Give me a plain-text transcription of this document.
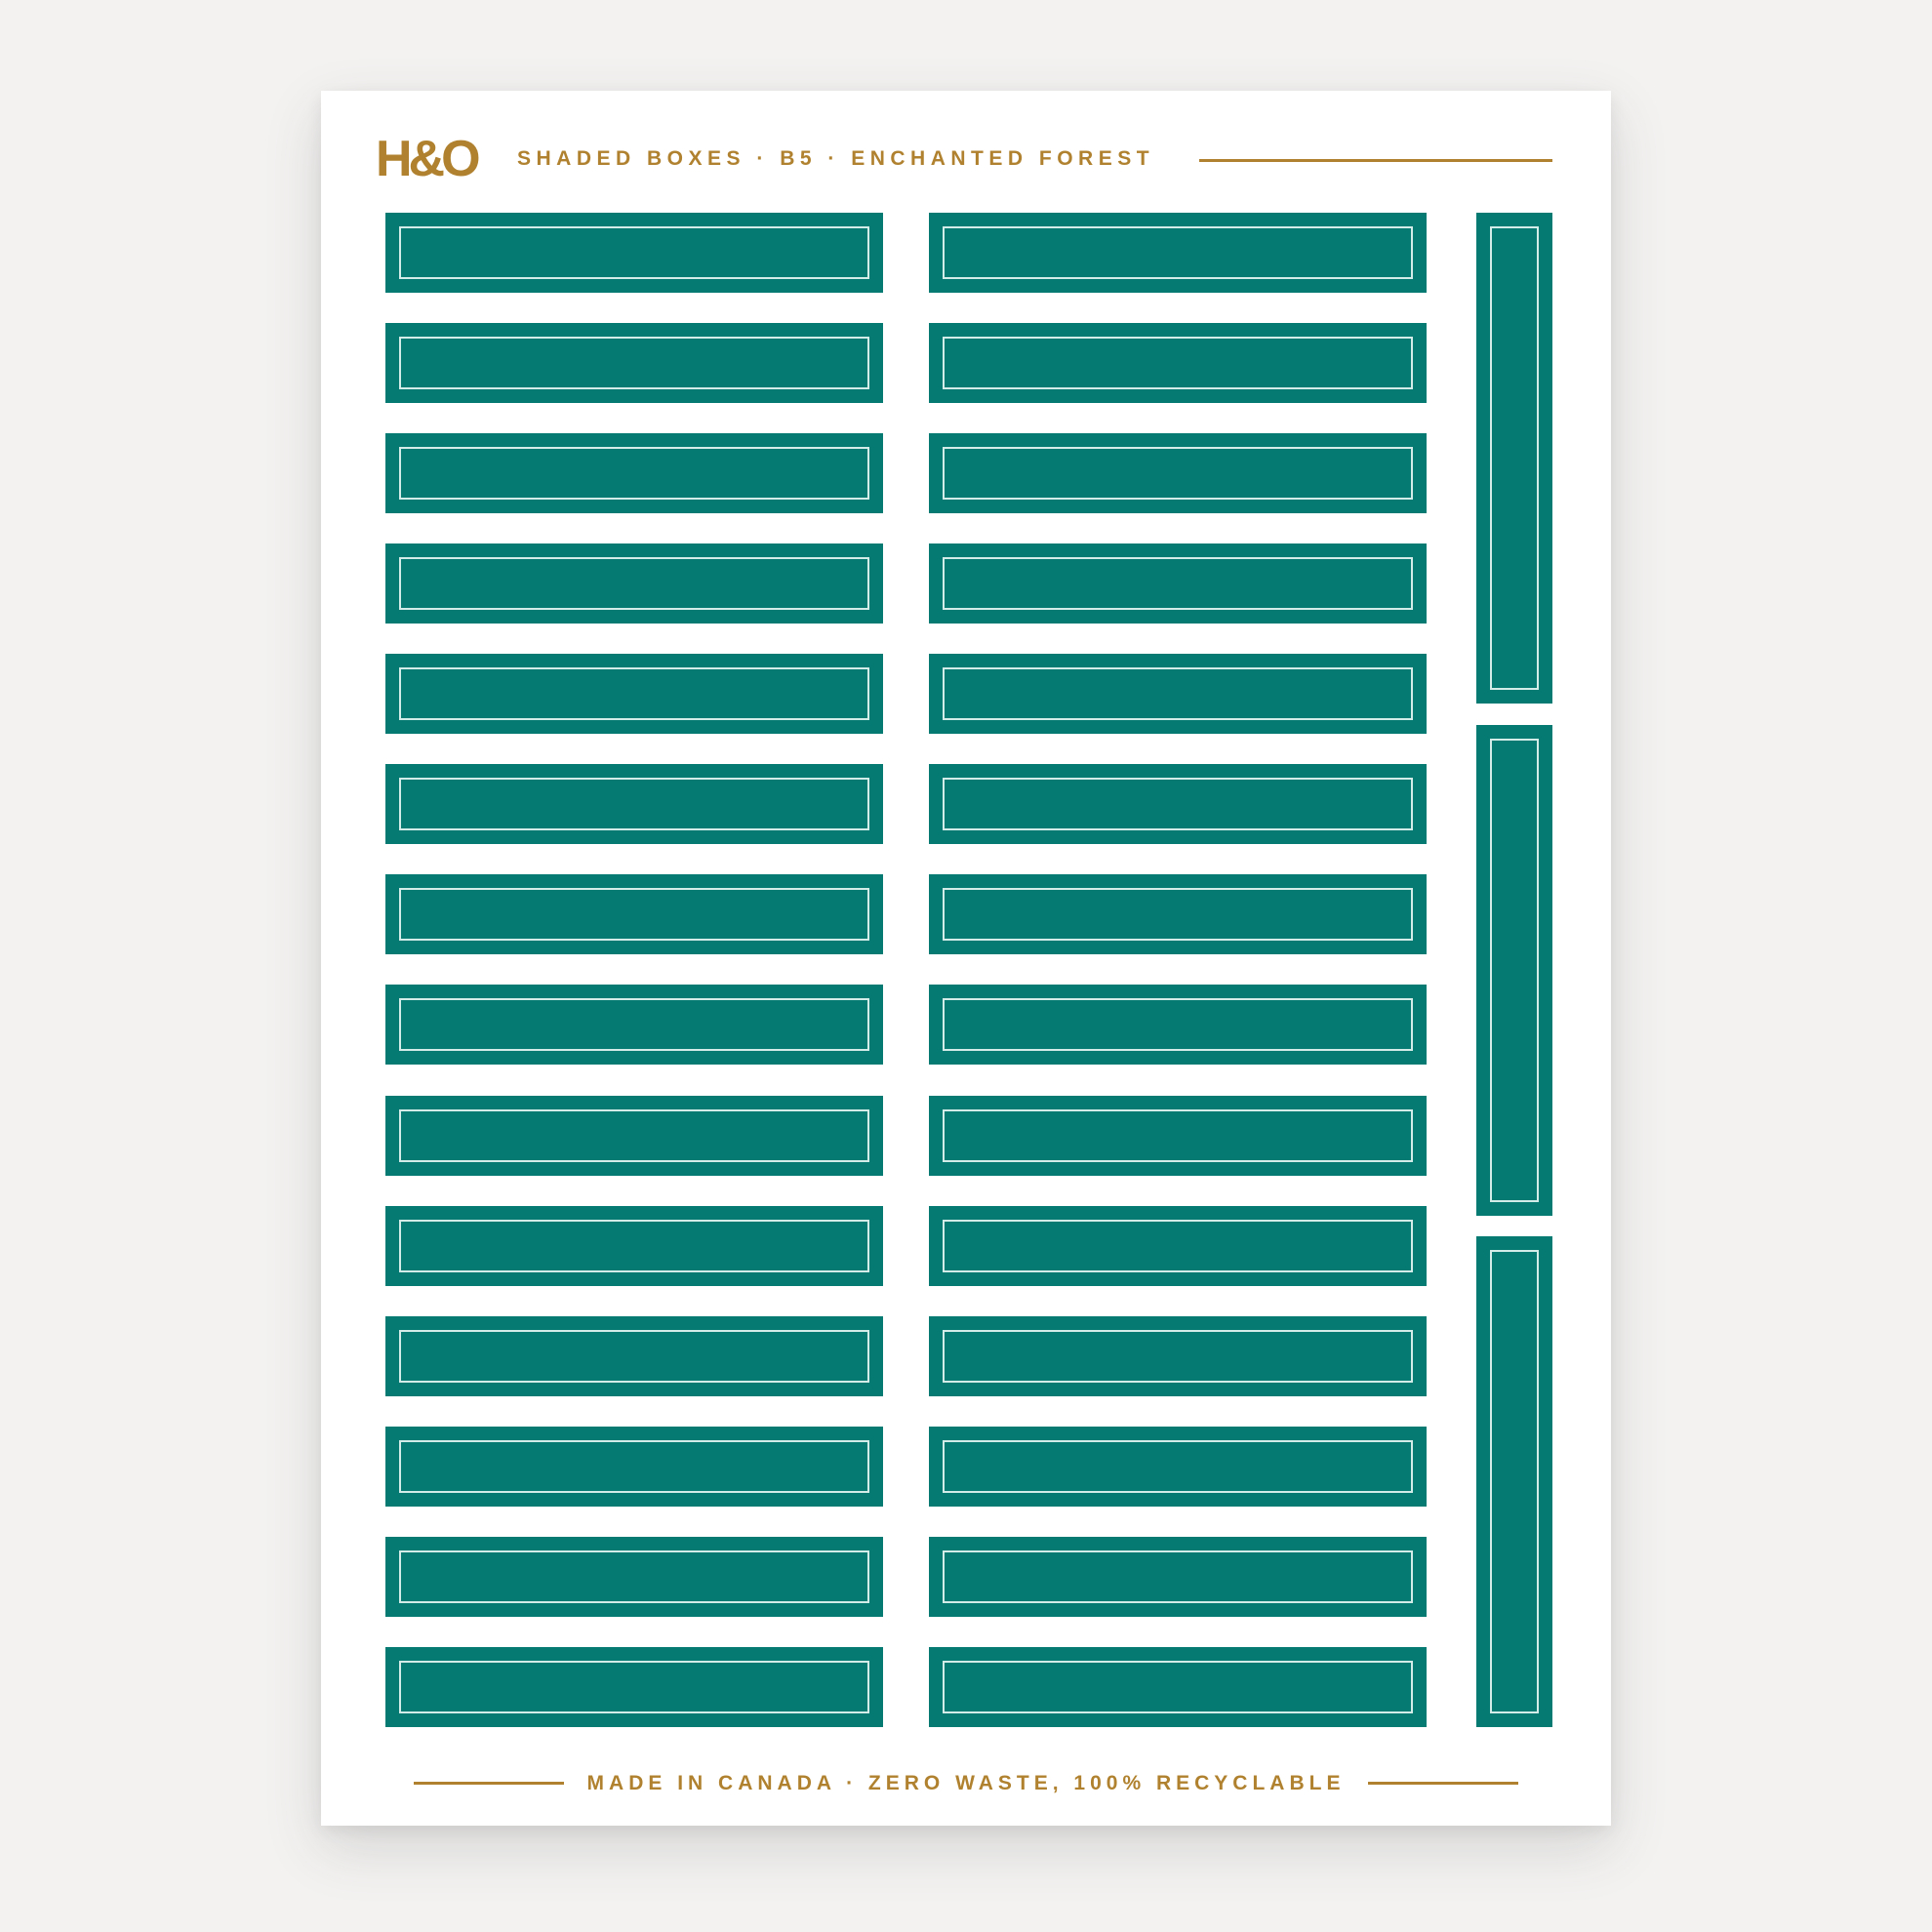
H&O SHADED BOXES · B5 · ENCHANTED FOREST
MADE IN CANADA · ZERO WASTE, 100% RECYCLABLE
